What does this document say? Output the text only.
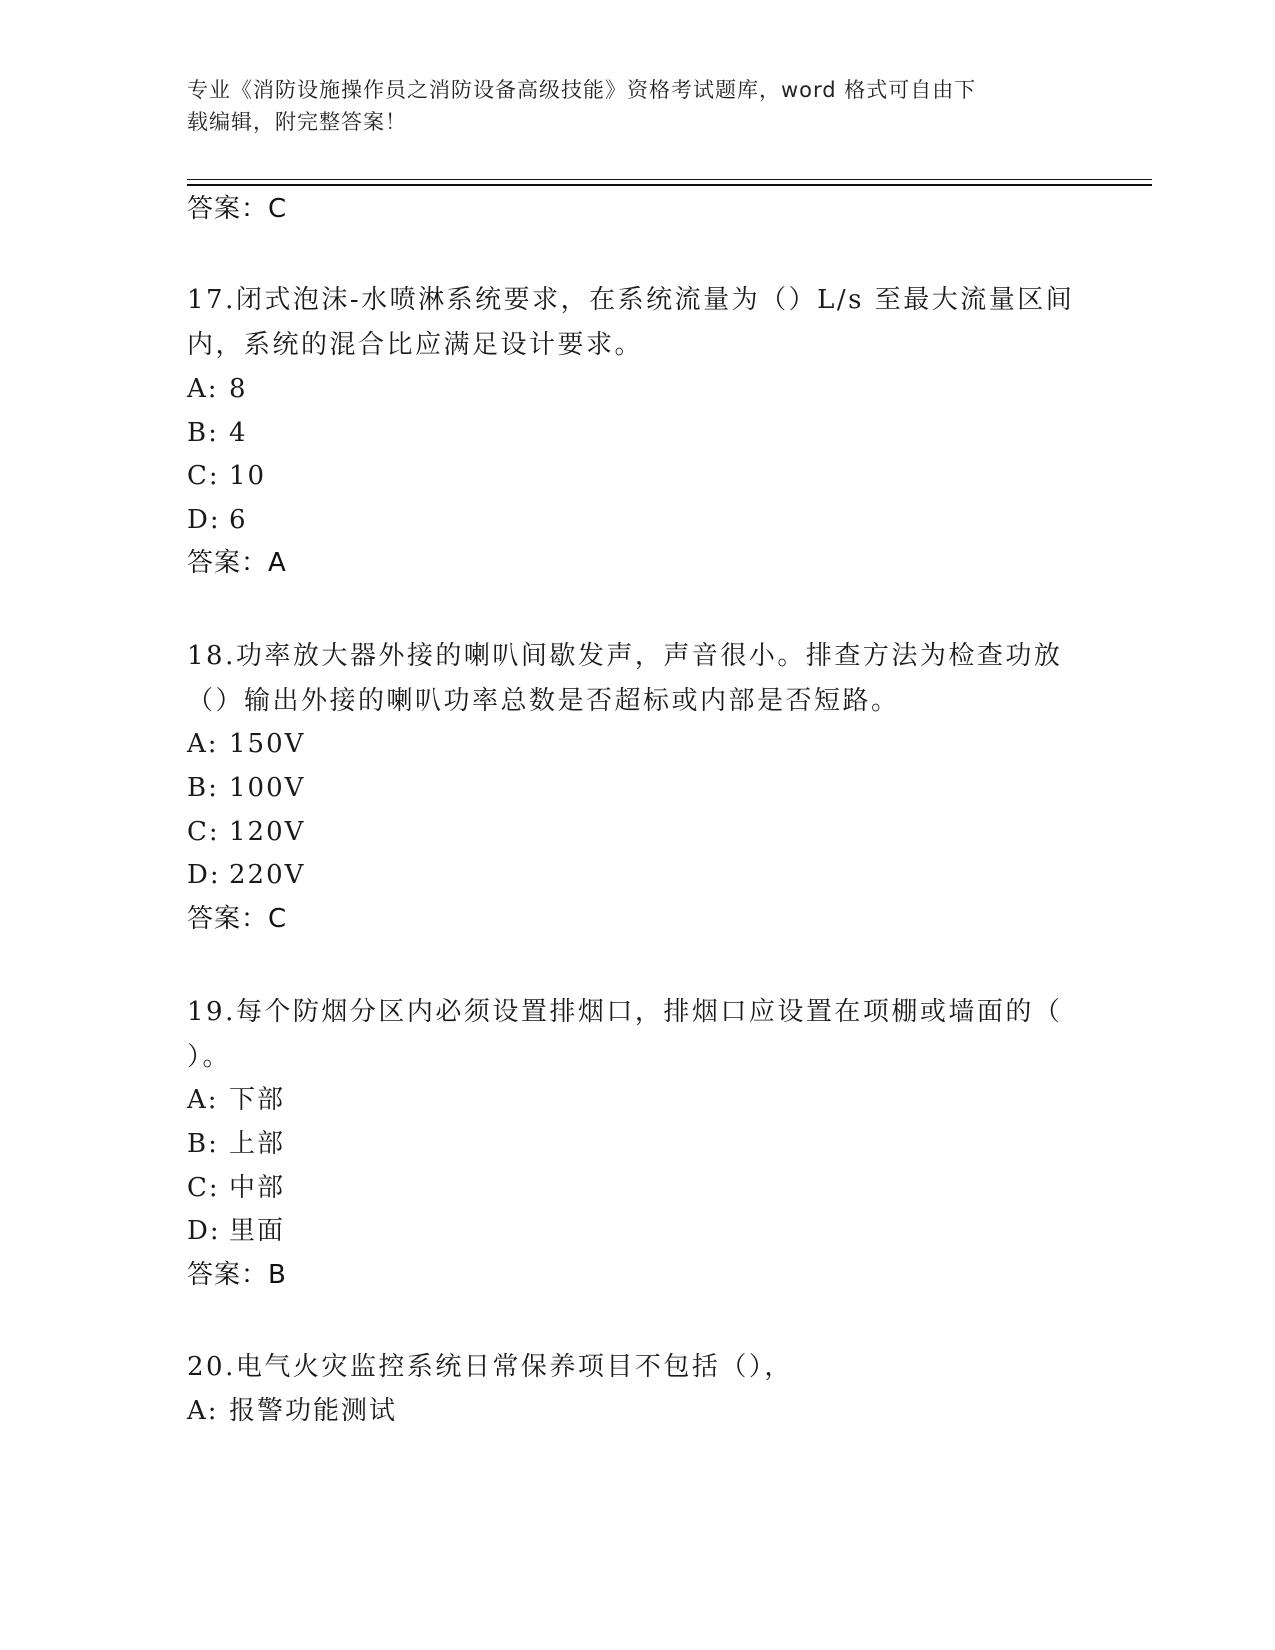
专业《消防设施操作员之消防设备高级技能》资格考试题库，word 格式可自由下
载编辑，附完整答案！
答案：C
17.闭式泡沫-水喷淋系统要求，在系统流量为（）L/s 至最大流量区间
内，系统的混合比应满足设计要求。
A: 8
B: 4
C: 10
D: 6
答案：A
18.功率放大器外接的喇叭间歇发声，声音很小。排查方法为检查功放
（）输出外接的喇叭功率总数是否超标或内部是否短路。
A: 150V
B: 100V
C: 120V
D: 220V
答案：C
19.每个防烟分区内必须设置排烟口，排烟口应设置在项棚或墙面的（
）。
A: 下部
B: 上部
C: 中部
D: 里面
答案：B
20.电气火灾监控系统日常保养项目不包括（），
A: 报警功能测试
